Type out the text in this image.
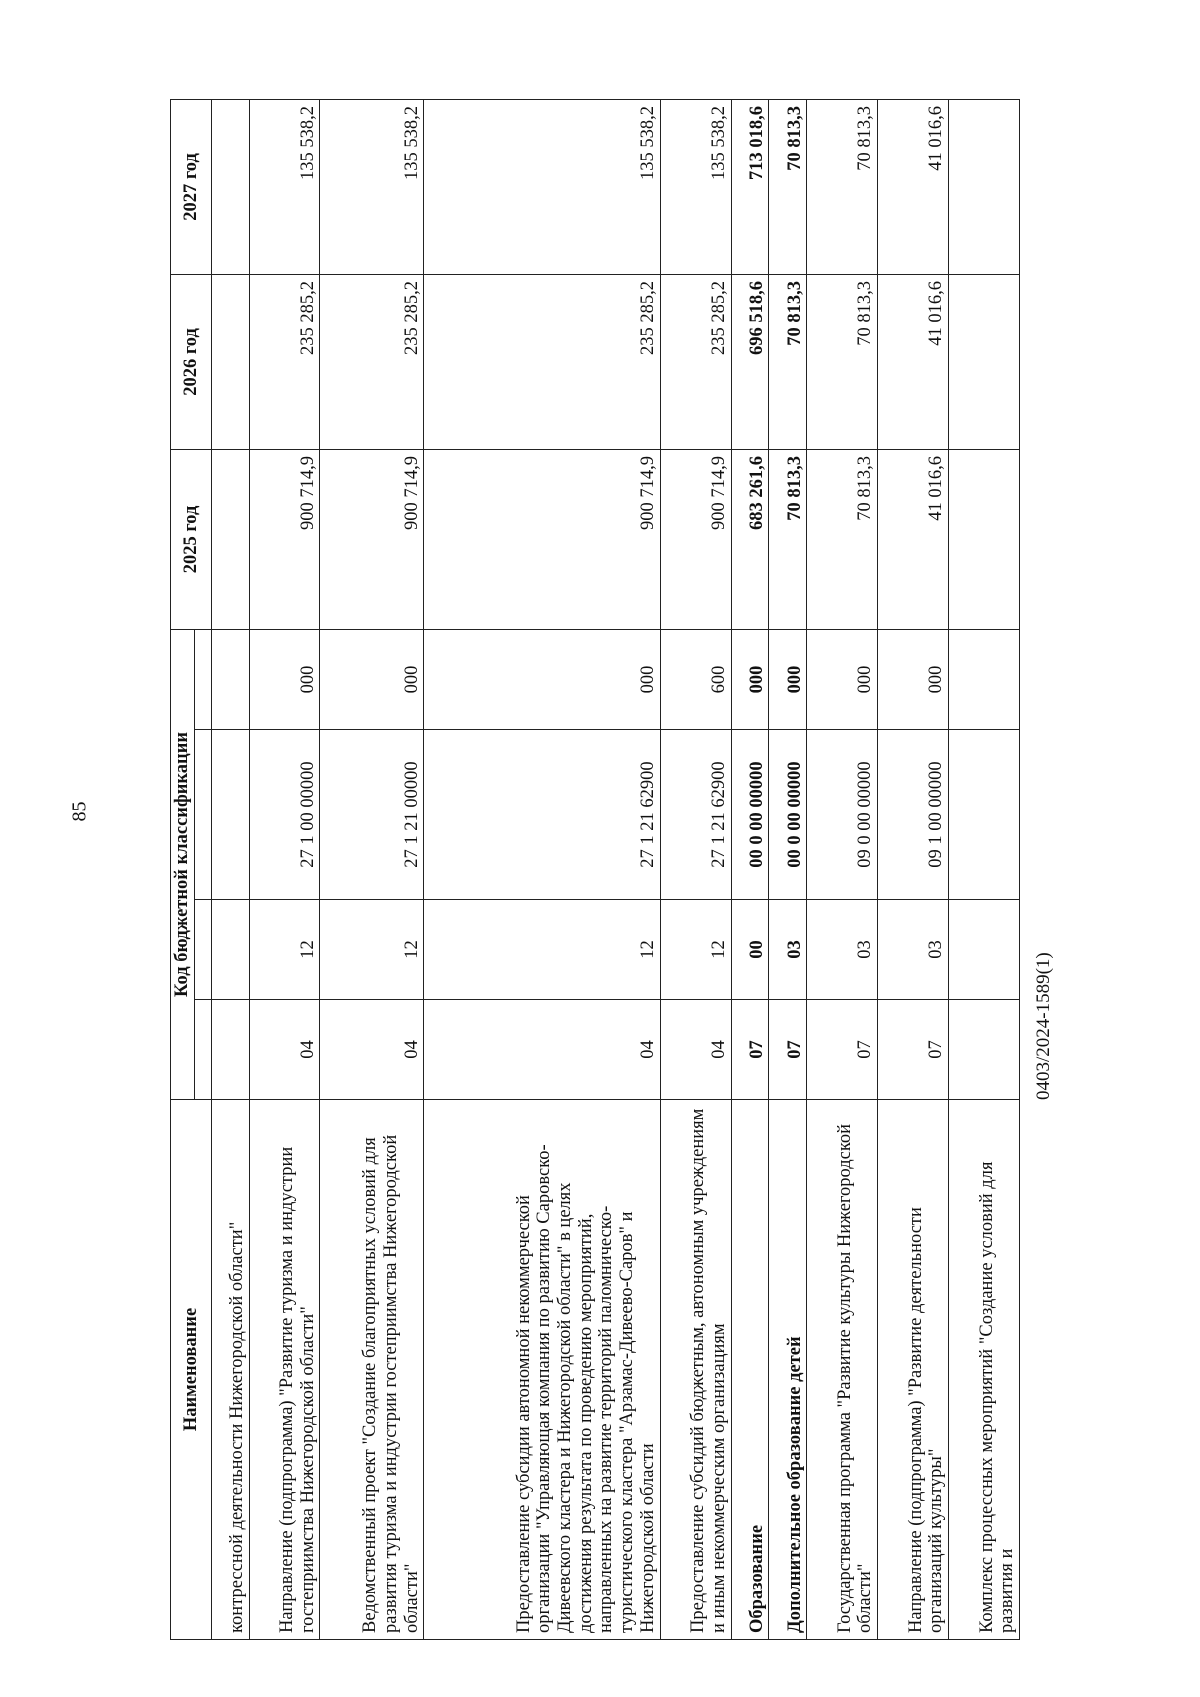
85
Наименование	Код бюджетной классификации				2025 год	2026 год	2027 год

контрессной деятельности Нижегородской области"							
Направление (подпрограмма) "Развитие туризма и индустрии гостеприимства Нижегородской области"	04	12	27 1 00 00000	000	900 714,9	235 285,2	135 538,2
Ведомственный проект "Создание благоприятных условий для развития туризма и индустрии гостеприимства Нижегородской области"	04	12	27 1 21 00000	000	900 714,9	235 285,2	135 538,2
Предоставление субсидии автономной некоммерческой организации "Управляющая компания по развитию Саровско-Дивеевского кластера и Нижегородской области" в целях достижения результата по проведению мероприятий, направленных на развитие территорий паломническо-туристического кластера "Арзамас-Дивеево-Саров" и Нижегородской области	04	12	27 1 21 62900	000	900 714,9	235 285,2	135 538,2
Предоставление субсидий бюджетным, автономным учреждениям и иным некоммерческим организациям	04	12	27 1 21 62900	600	900 714,9	235 285,2	135 538,2
Образование	07	00	00 0 00 00000	000	683 261,6	696 518,6	713 018,6
Дополнительное образование детей	07	03	00 0 00 00000	000	70 813,3	70 813,3	70 813,3
Государственная программа "Развитие культуры Нижегородской области"	07	03	09 0 00 00000	000	70 813,3	70 813,3	70 813,3
Направление (подпрограмма) "Развитие деятельности организаций культуры"	07	03	09 1 00 00000	000	41 016,6	41 016,6	41 016,6
Комплекс процессных мероприятий "Создание условий для развития и							
0403/2024-1589(1)
